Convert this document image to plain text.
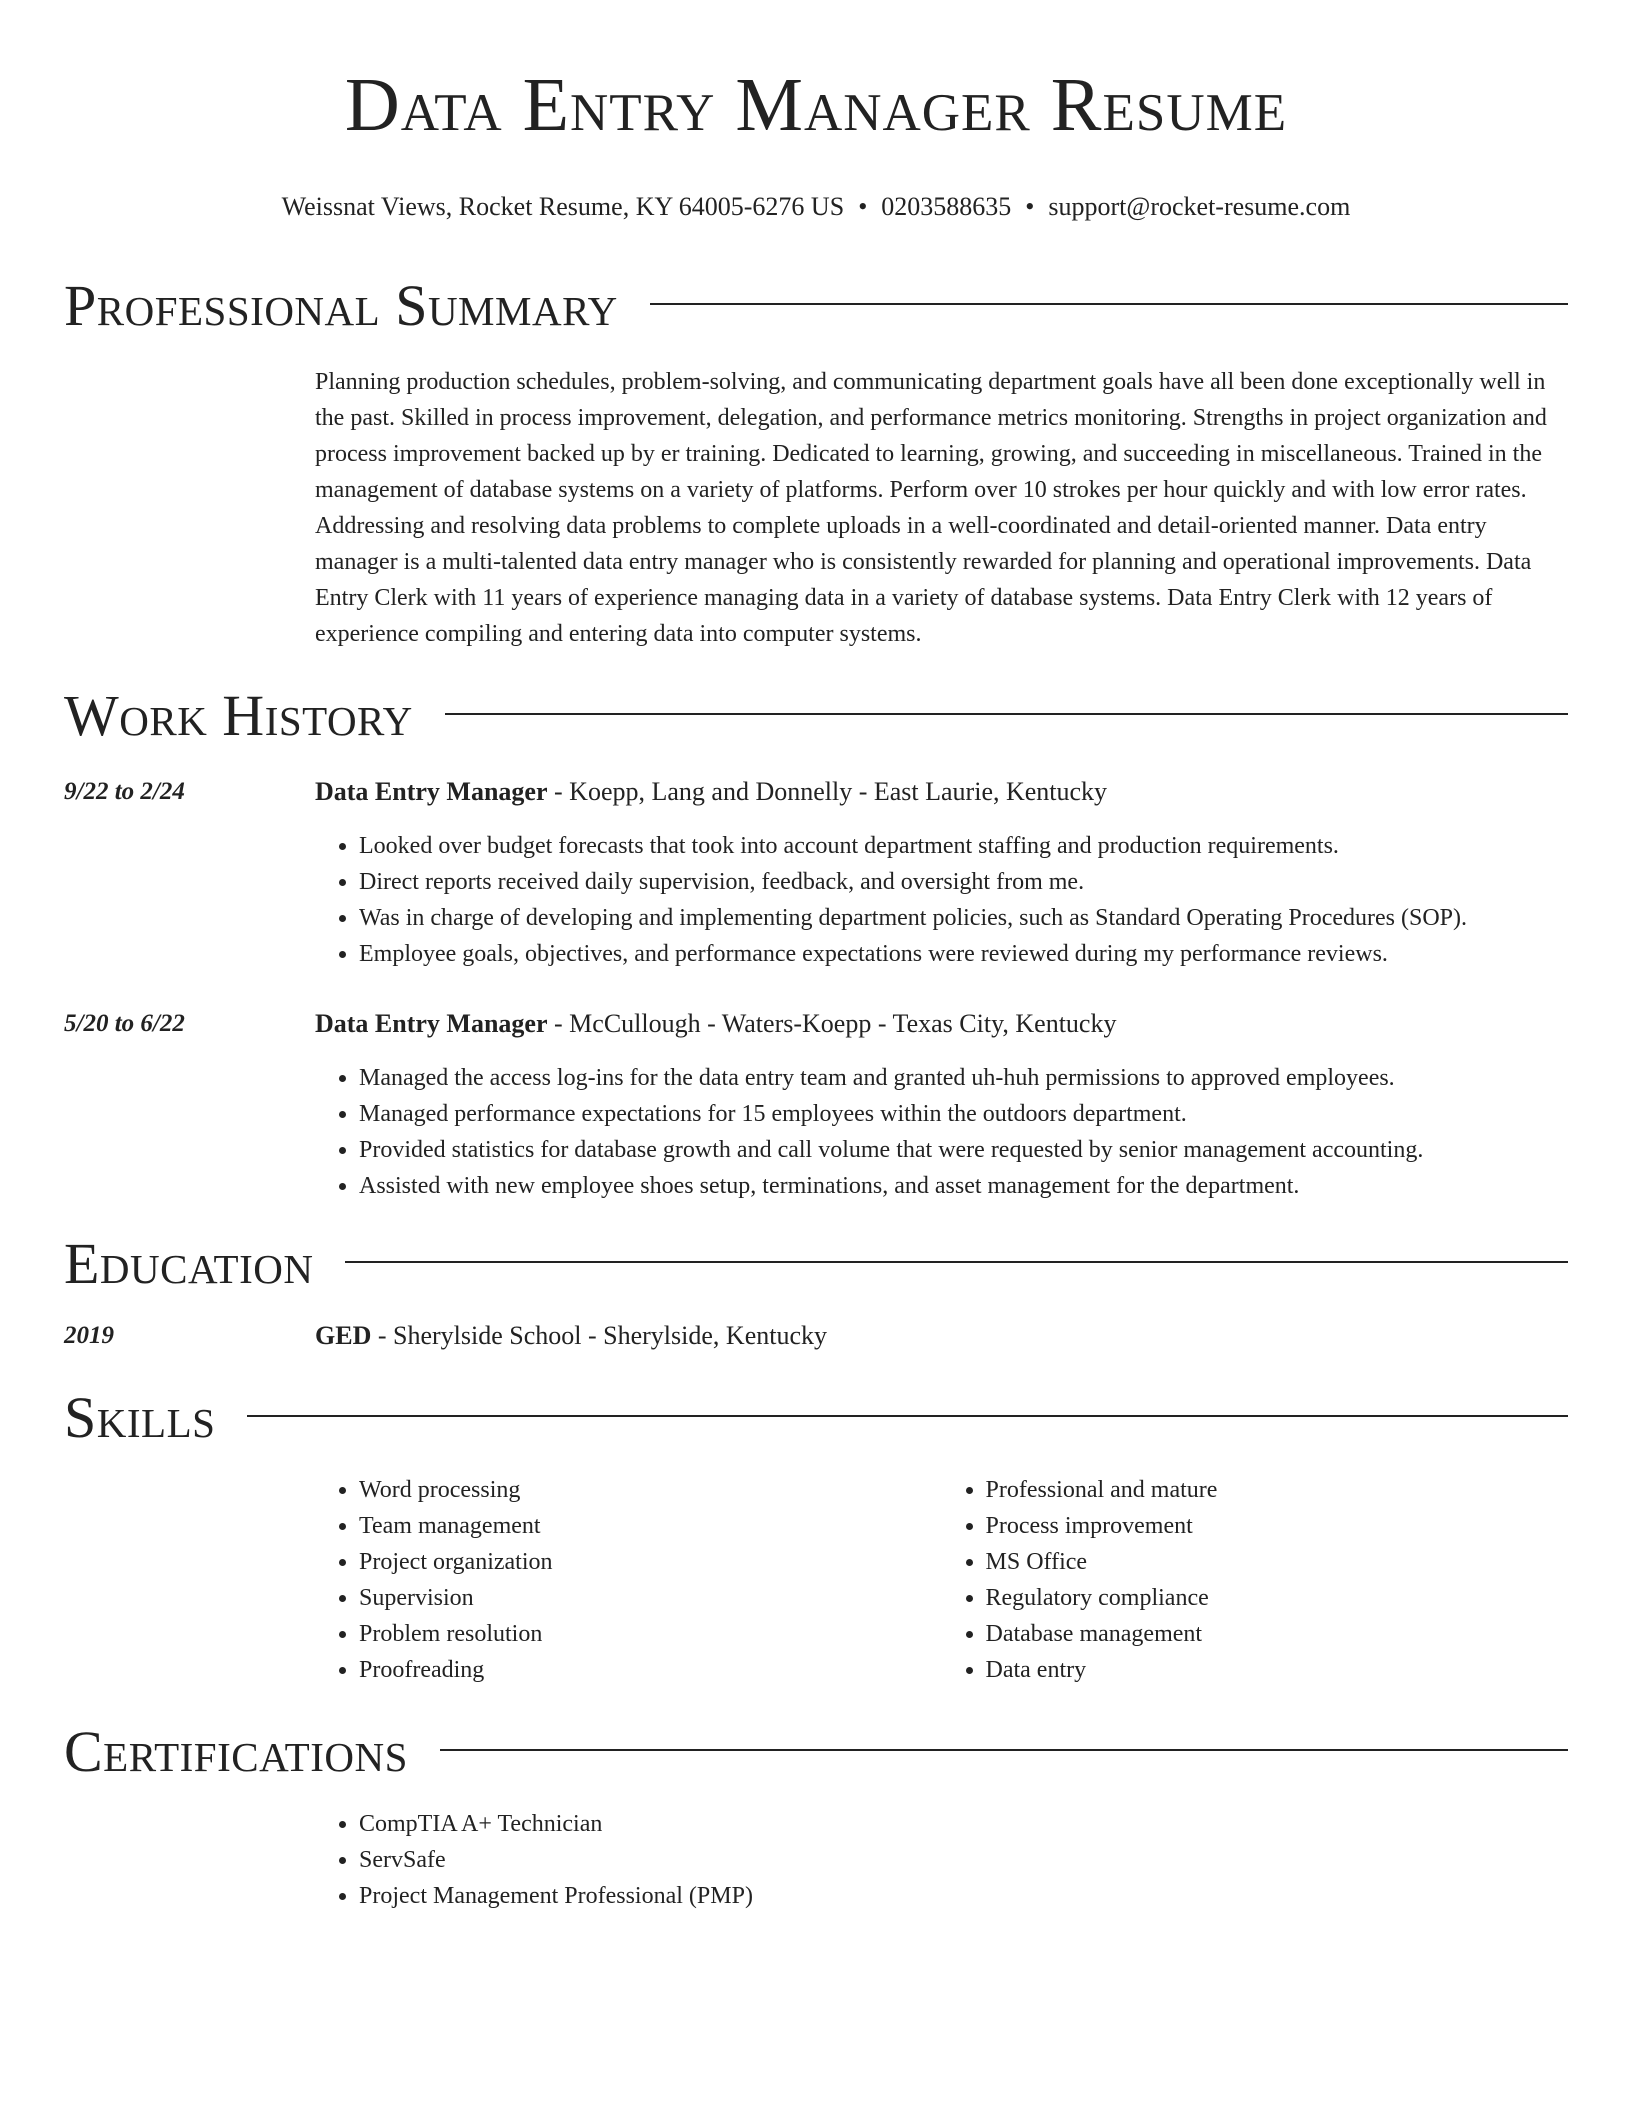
Data Entry Manager Resume
Weissnat Views, Rocket Resume, KY 64005-6276 US • 0203588635 • support@rocket-resume.com
Professional Summary
Planning production schedules, problem-solving, and communicating department goals have all been done exceptionally well in the past. Skilled in process improvement, delegation, and performance metrics monitoring. Strengths in project organization and process improvement backed up by er training. Dedicated to learning, growing, and succeeding in miscellaneous. Trained in the management of database systems on a variety of platforms. Perform over 10 strokes per hour quickly and with low error rates. Addressing and resolving data problems to complete uploads in a well-coordinated and detail-oriented manner. Data entry manager is a multi-talented data entry manager who is consistently rewarded for planning and operational improvements. Data Entry Clerk with 11 years of experience managing data in a variety of database systems. Data Entry Clerk with 12 years of experience compiling and entering data into computer systems.
Work History
9/22 to 2/24	Data Entry Manager - Koepp, Lang and Donnelly - East Laurie, Kentucky
• Looked over budget forecasts that took into account department staffing and production requirements.
• Direct reports received daily supervision, feedback, and oversight from me.
• Was in charge of developing and implementing department policies, such as Standard Operating Procedures (SOP).
• Employee goals, objectives, and performance expectations were reviewed during my performance reviews.
5/20 to 6/22	Data Entry Manager - McCullough - Waters-Koepp - Texas City, Kentucky
• Managed the access log-ins for the data entry team and granted uh-huh permissions to approved employees.
• Managed performance expectations for 15 employees within the outdoors department.
• Provided statistics for database growth and call volume that were requested by senior management accounting.
• Assisted with new employee shoes setup, terminations, and asset management for the department.
Education
2019	GED - Sherylside School - Sherylside, Kentucky
Skills
• Word processing
• Team management
• Project organization
• Supervision
• Problem resolution
• Proofreading
• Professional and mature
• Process improvement
• MS Office
• Regulatory compliance
• Database management
• Data entry
Certifications
• CompTIA A+ Technician
• ServSafe
• Project Management Professional (PMP)
